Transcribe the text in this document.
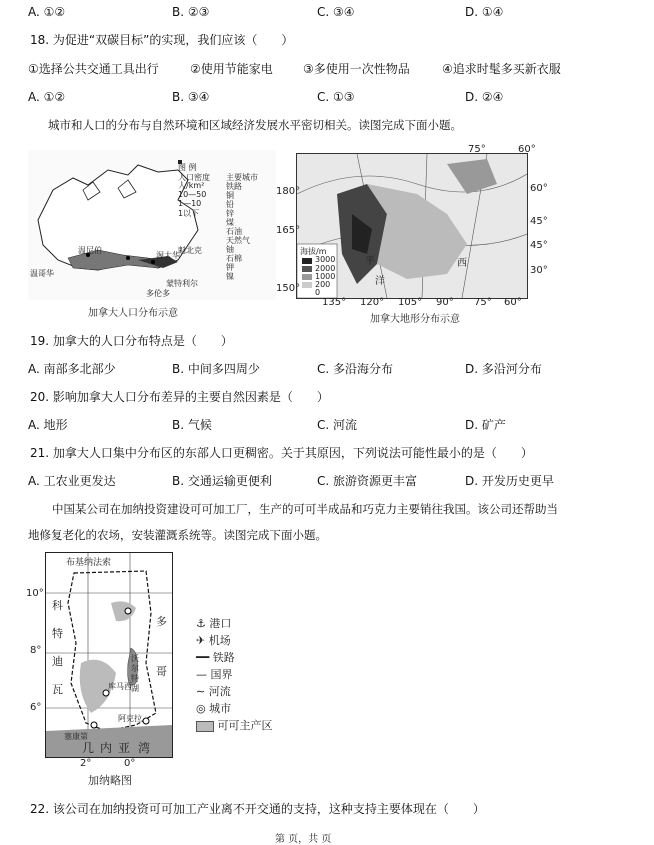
A. ①②	B. ②③	C. ③④	D. ①④
18. 为促进“双碳目标”的实现，我们应该（　　）
①选择公共交通工具出行	②使用节能家电	③多使用一次性物品	④追求时髦多买新衣服
A. ①②	B. ③④	C. ①③	D. ②④
城市和人口的分布与自然环境和区域经济发展水平密切相关。读图完成下面小题。
图 例
人口密度
人/km²
10—50
1—10
1以下
主要城市
铁路
铜
铅
锌
煤
石油
天然气
铀
石棉
钾
镍
温哥华
温尼伯
蒙特利尔
多伦多
渥太华
魁北克
加拿大人口分布示意
海拔/m
3000
2000
1000
200
0
太
平
洋
西
75°	60°
180°
165°
150°
60°
45°
45°
30°
135° 120° 105° 90° 75° 60°
加拿大地形分布示意
19. 加拿大的人口分布特点是（　　）
A. 南部多北部少	B. 中间多四周少	C. 多沿海分布	D. 多沿河分布
20. 影响加拿大人口分布差异的主要自然因素是（　　）
A. 地形	B. 气候	C. 河流	D. 矿产
21. 加拿大人口集中分布区的东部人口更稠密。关于其原因，下列说法可能性最小的是（　　）
A. 工农业更发达	B. 交通运输更便利	C. 旅游资源更丰富	D. 开发历史更早
中国某公司在加纳投资建设可可加工厂，生产的可可半成品和巧克力主要销往我国。该公司还帮助当
地修复老化的农场，安装灌溉系统等。读图完成下面小题。
布基纳法索
科
特
迪
瓦
多
哥
沃
尔
特
湖
库马西
阿克拉
塞康第
几 内 亚 湾
10°
8°
6°
2°	0°
加纳略图
⚓ 港口
✈ 机场
━━ 铁路
— 国界
∼ 河流
◎ 城市
可可主产区
22. 该公司在加纳投资可可加工产业离不开交通的支持，这种支持主要体现在（　　）
第 页，共 页
